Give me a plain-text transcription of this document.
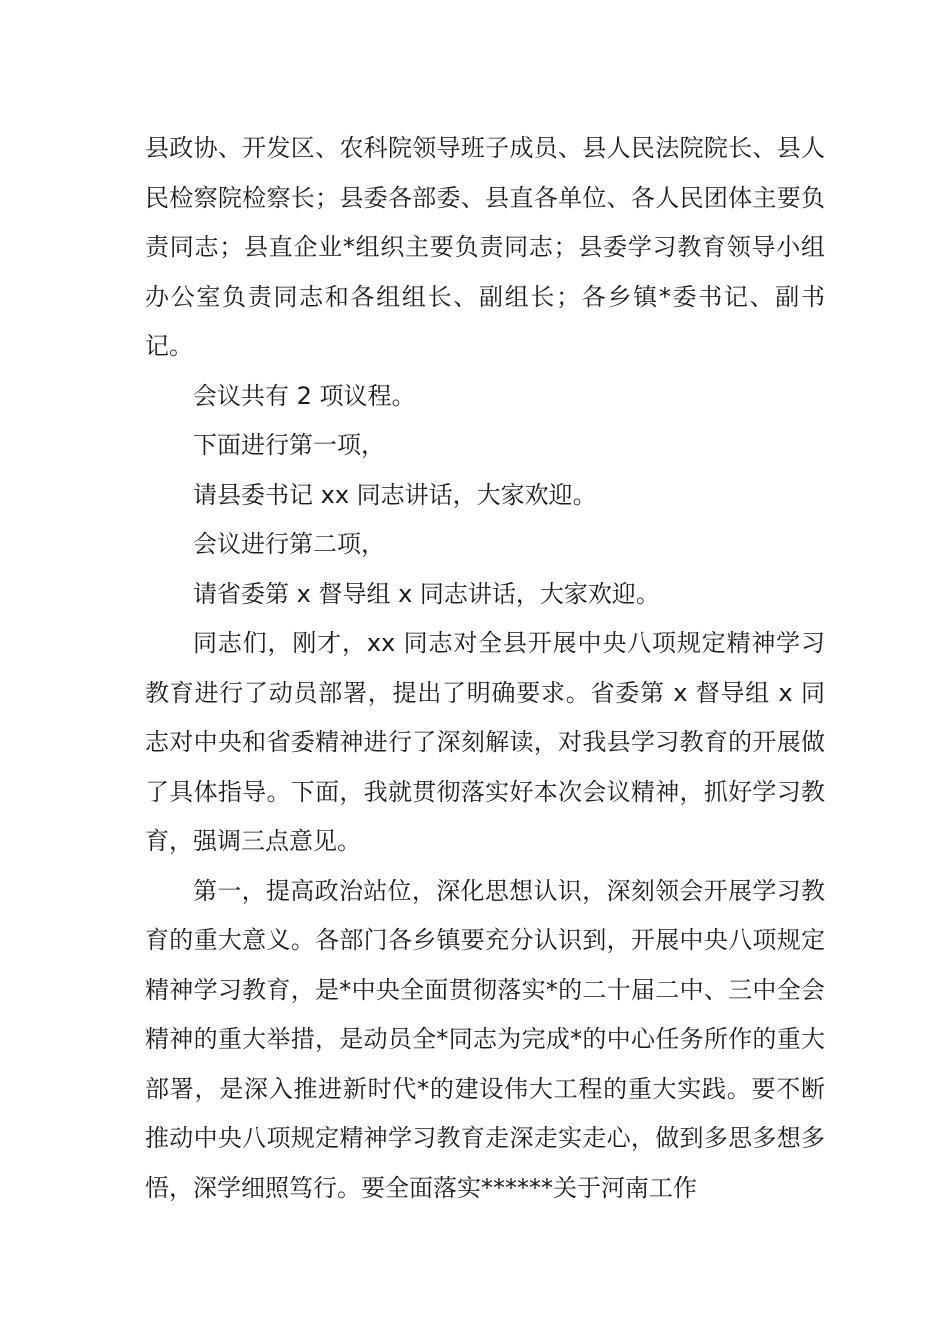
县政协、开发区、农科院领导班子成员、县人民法院院长、县人民检察院检察长；县委各部委、县直各单位、各人民团体主要负责同志；县直企业*组织主要负责同志；县委学习教育领导小组办公室负责同志和各组组长、副组长；各乡镇*委书记、副书记。

会议共有 2 项议程。

下面进行第一项，

请县委书记 xx 同志讲话，大家欢迎。

会议进行第二项，

请省委第 x 督导组 x 同志讲话，大家欢迎。

同志们，刚才，xx 同志对全县开展中央八项规定精神学习教育进行了动员部署，提出了明确要求。省委第 x 督导组 x 同志对中央和省委精神进行了深刻解读，对我县学习教育的开展做了具体指导。下面，我就贯彻落实好本次会议精神，抓好学习教育，强调三点意见。

第一，提高政治站位，深化思想认识，深刻领会开展学习教育的重大意义。各部门各乡镇要充分认识到，开展中央八项规定精神学习教育，是*中央全面贯彻落实*的二十届二中、三中全会精神的重大举措，是动员全*同志为完成*的中心任务所作的重大部署，是深入推进新时代*的建设伟大工程的重大实践。要不断推动中央八项规定精神学习教育走深走实走心，做到多思多想多悟，深学细照笃行。要全面落实******关于河南工作
